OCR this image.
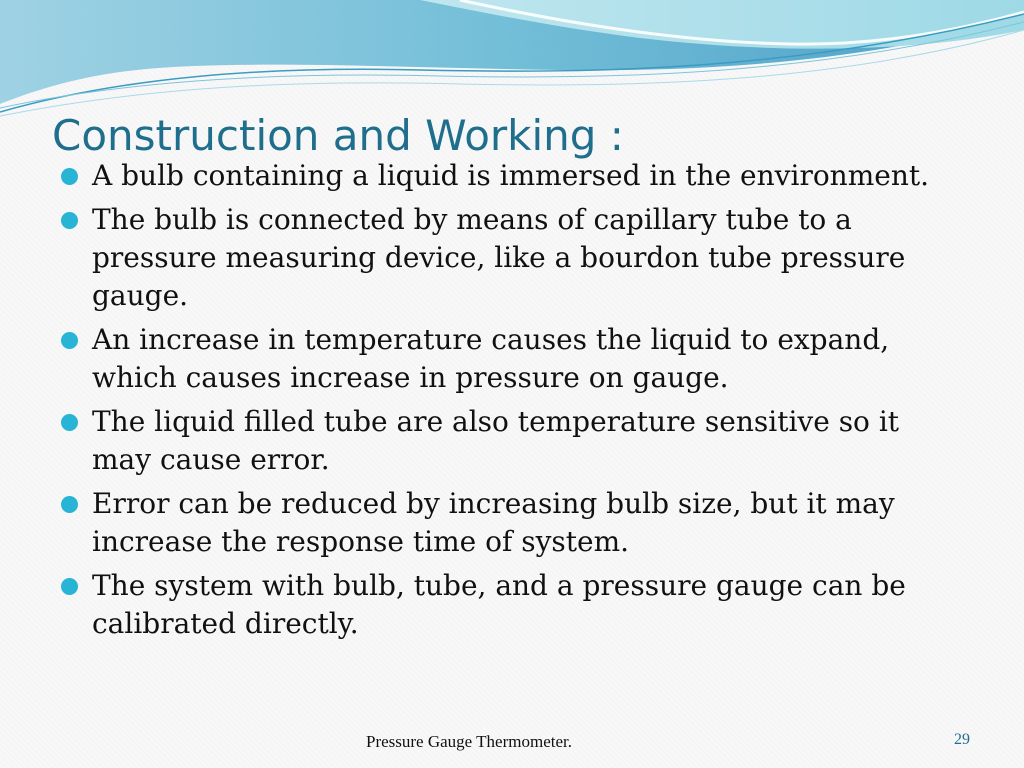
Construction and Working :
A bulb containing a liquid is immersed in the environment.
The bulb is connected by means of capillary tube to a pressure measuring device, like a bourdon tube pressure gauge.
An increase in temperature causes the liquid to expand, which causes increase in pressure on gauge.
The liquid filled tube are also temperature sensitive so it may cause error.
Error can be reduced by increasing bulb size, but it may increase the response time of system.
The system with bulb, tube, and a pressure gauge can be calibrated directly.
Pressure Gauge Thermometer.	29
